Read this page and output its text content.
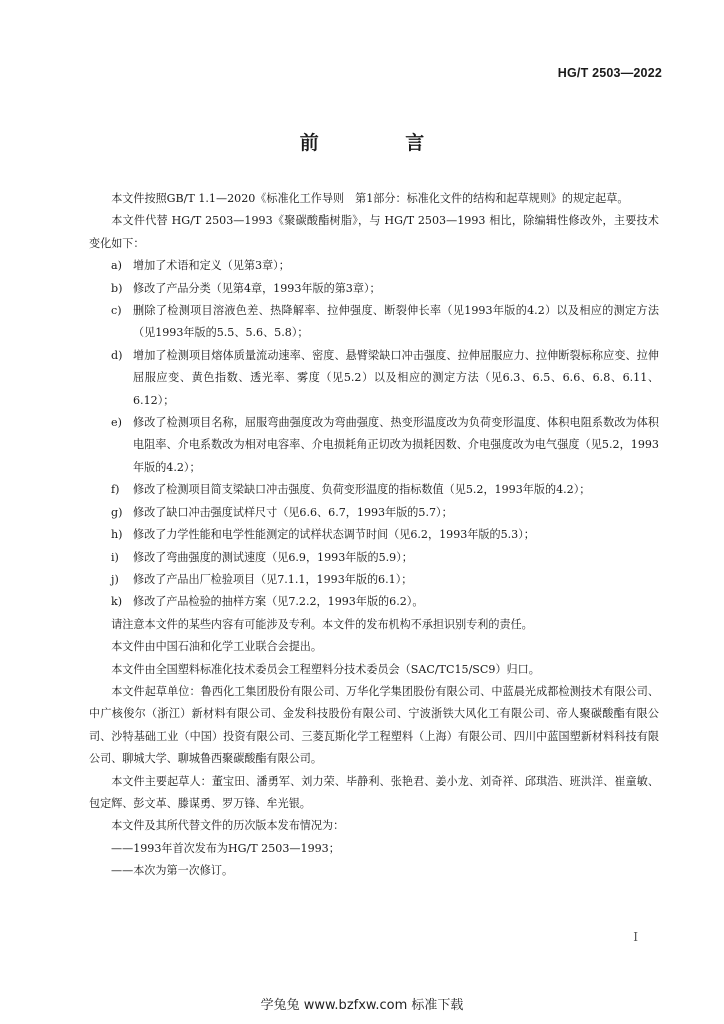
HG/T 2503—2022
前 言

本文件按照GB/T 1.1—2020《标准化工作导则　第1部分：标准化文件的结构和起草规则》的规定起草。

本文件代替 HG/T 2503—1993《聚碳酸酯树脂》，与 HG/T 2503—1993 相比，除编辑性修改外，主要技术变化如下：

a) 增加了术语和定义（见第3章）；
b) 修改了产品分类（见第4章，1993年版的第3章）；
c)	删除了检测项目溶液色差、热降解率、拉伸强度、断裂伸长率（见1993年版的4.2）以及相应的测定方法（见1993年版的5.5、5.6、5.8）；
d) 增加了检测项目熔体质量流动速率、密度、悬臂梁缺口冲击强度、拉伸屈服应力、拉伸断裂标称应变、拉伸屈服应变、黄色指数、透光率、雾度（见5.2）以及相应的测定方法（见6.3、6.5、6.6、6.8、6.11、6.12）；
e) 修改了检测项目名称，屈服弯曲强度改为弯曲强度、热变形温度改为负荷变形温度、体积电阻系数改为体积电阻率、介电系数改为相对电容率、介电损耗角正切改为损耗因数、介电强度改为电气强度（见5.2，1993年版的4.2）；
f)	修改了检测项目简支梁缺口冲击强度、负荷变形温度的指标数值（见5.2，1993年版的4.2）；
g) 修改了缺口冲击强度试样尺寸（见6.6、6.7，1993年版的5.7）；
h) 修改了力学性能和电学性能测定的试样状态调节时间（见6.2，1993年版的5.3）；
i)	修改了弯曲强度的测试速度（见6.9，1993年版的5.9）；
j)	修改了产品出厂检验项目（见7.1.1，1993年版的6.1）；
k) 修改了产品检验的抽样方案（见7.2.2，1993年版的6.2）。

请注意本文件的某些内容有可能涉及专利。本文件的发布机构不承担识别专利的责任。

本文件由中国石油和化学工业联合会提出。

本文件由全国塑料标准化技术委员会工程塑料分技术委员会（SAC/TC15/SC9）归口。

本文件起草单位：鲁西化工集团股份有限公司、万华化学集团股份有限公司、中蓝晨光成都检测技术有限公司、中广核俊尔（浙江）新材料有限公司、金发科技股份有限公司、宁波浙铁大风化工有限公司、帝人聚碳酸酯有限公司、沙特基础工业（中国）投资有限公司、三菱瓦斯化学工程塑料（上海）有限公司、四川中蓝国塑新材料科技有限公司、聊城大学、聊城鲁西聚碳酸酯有限公司。

本文件主要起草人：董宝田、潘勇军、刘力荣、毕静利、张艳君、姜小龙、刘奇祥、邱琪浩、班洪洋、崔童敏、包定辉、彭文革、滕谋勇、罗万锋、牟光银。

本文件及其所代替文件的历次版本发布情况为：

——1993年首次发布为HG/T 2503—1993；

——本次为第一次修订。

I
学兔兔 www.bzfxw.com 标准下载
